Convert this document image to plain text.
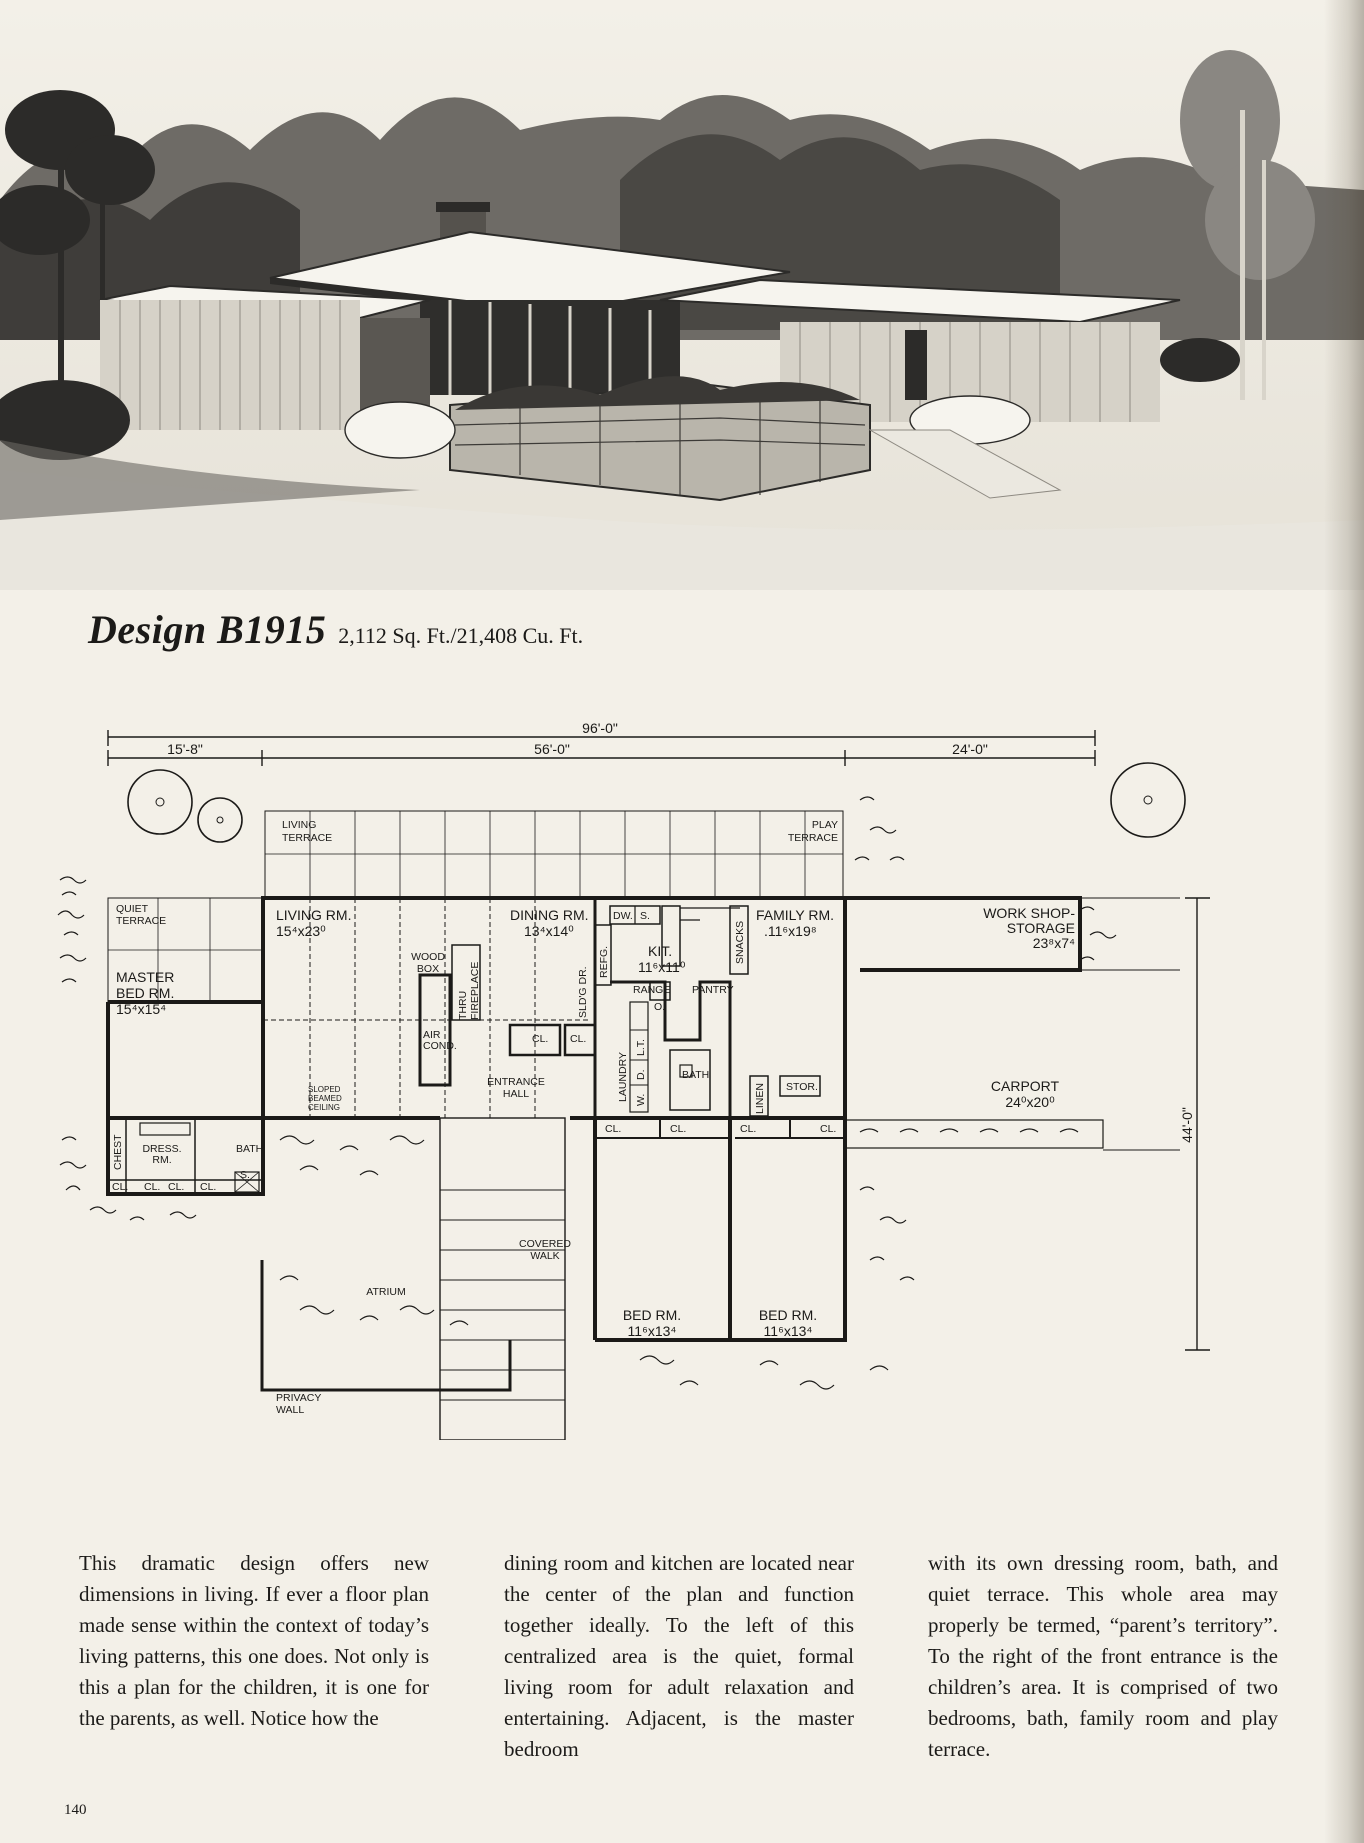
Design B1915 2,112 Sq. Ft./21,408 Cu. Ft.
96'-0"
15'-8"	56'-0"	24'-0"
44'-0"
LIVING
TERRACE
PLAY
TERRACE
QUIET
TERRACE	LIVING RM.
15⁴x23⁰
DINING RM.
13⁴x14⁰
FAMILY RM.
.11⁶x19⁸
MASTER
BED RM.
15⁴x15⁴
KIT.
11⁶x11⁰
WORK SHOP-
STORAGE
23⁸x7⁴
CARPORT
24⁰x20⁰
BED RM.
11⁶x13⁴
BED RM.
11⁶x13⁴
ENTRANCE
HALL
COVERED
WALK
ATRIUM
PRIVACY
WALL
WOOD
BOX
THRU FIREPLACE	SLD'G DR.
AIR
COND.
SLOPED
BEAMED
CEILING
DRESS.
RM.
BATH
CHEST
S.
CL. CL. CL. CL.
LAUNDRY
L.T.
D.
W.
RANGE PANTRY
O.
REFG.	SNACKS
DW. S.
BATH
LINEN STOR.
CL. CL.
CL.	CL.	CL.	CL.

This dramatic design offers new dimensions in living. If ever a floor plan made sense within the context of today’s living patterns, this one does. Not only is this a plan for the children, it is one for the parents, as well. Notice how the

dining room and kitchen are located near the center of the plan and function together ideally. To the left of this centralized area is the quiet, formal living room for adult relaxation and entertaining. Adjacent, is the master bedroom

with its own dressing room, bath, and quiet terrace. This whole area may properly be termed, “parent’s territory”. To the right of the front entrance is the children’s area. It is comprised of two bedrooms, bath, family room and play terrace.

140
